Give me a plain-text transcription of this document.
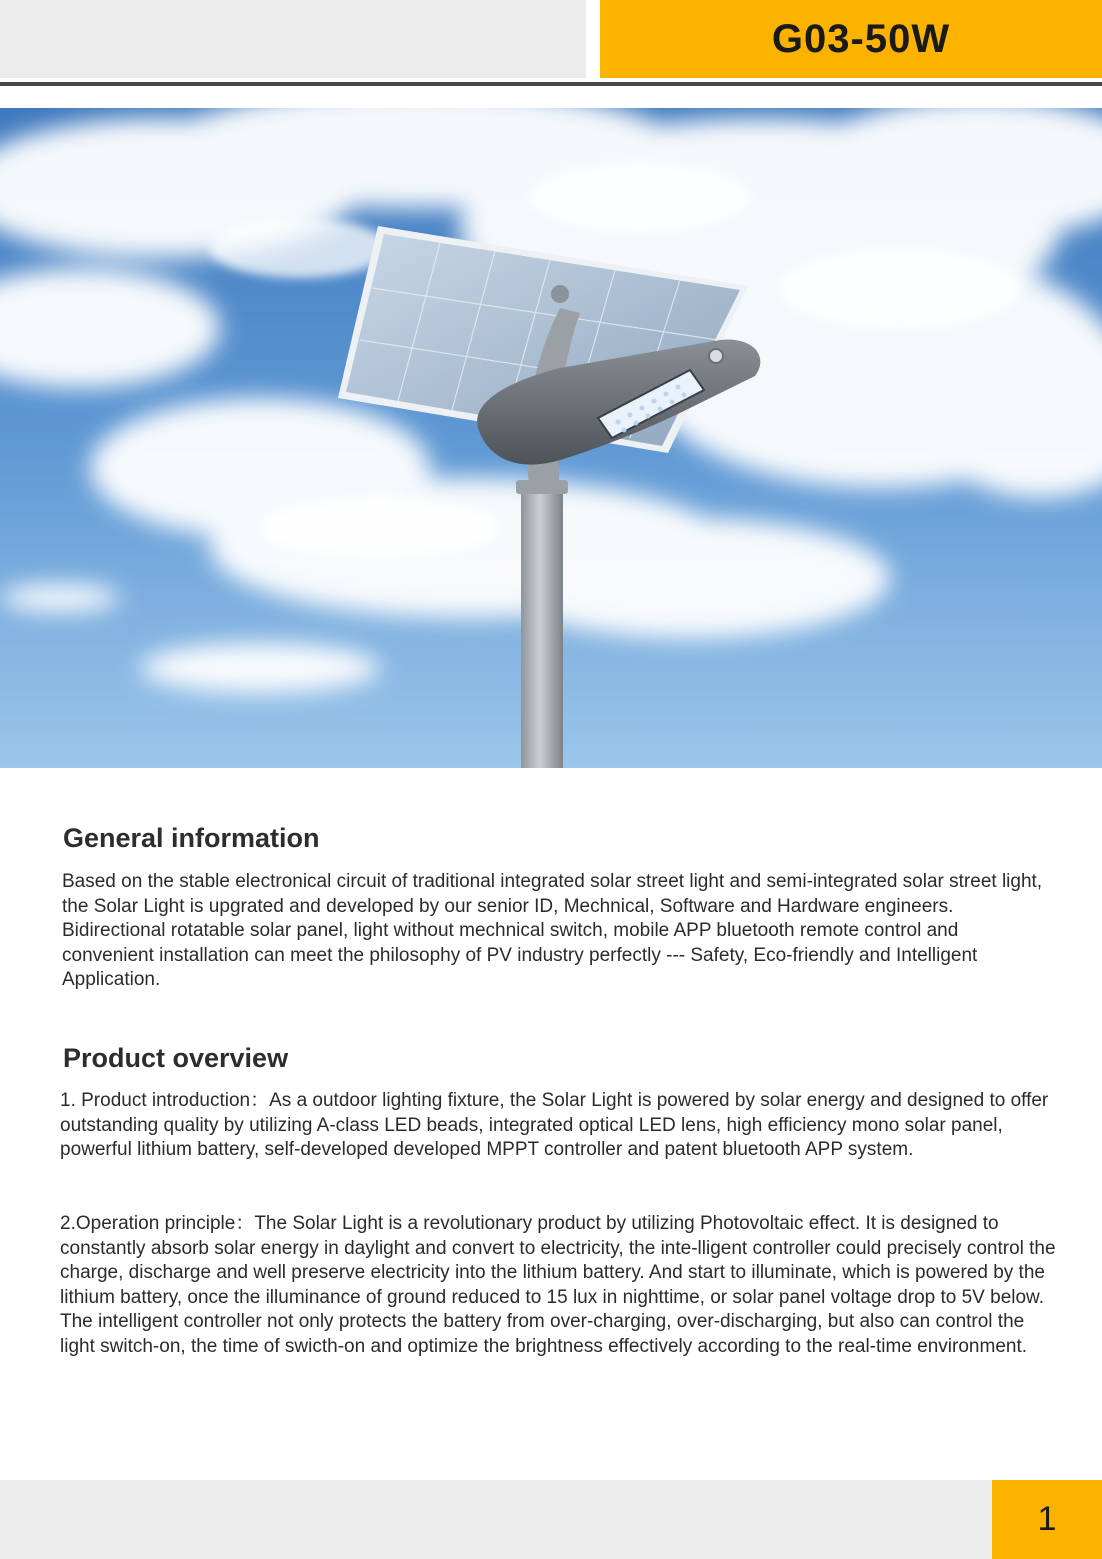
G03-50W
General information

Based on the stable electronical circuit of traditional integrated solar street light and semi-integrated solar street light, the Solar Light is upgrated and developed by our senior ID, Mechnical, Software and Hardware engineers. Bidirectional rotatable solar panel, light without mechnical switch, mobile APP bluetooth remote control and convenient installation can meet the philosophy of PV industry perfectly --- Safety, Eco-friendly and Intelligent Application.

Product overview

1. Product introduction：As a outdoor lighting fixture, the Solar Light is powered by solar energy and designed to offer outstanding quality by utilizing A-class LED beads, integrated optical LED lens, high efficiency mono solar panel, powerful lithium battery, self-developed developed MPPT controller and patent bluetooth APP system.

2.Operation principle：The Solar Light is a revolutionary product by utilizing Photovoltaic effect. It is designed to constantly absorb solar energy in daylight and convert to electricity, the inte-lligent controller could precisely control the charge, discharge and well preserve electricity into the lithium battery. And start to illuminate, which is powered by the lithium battery, once the illuminance of ground reduced to 15 lux in nighttime, or solar panel voltage drop to 5V below. The intelligent controller not only protects the battery from over-charging, over-discharging, but also can control the light switch-on, the time of swicth-on and optimize the brightness effectively according to the real-time environment.

1
